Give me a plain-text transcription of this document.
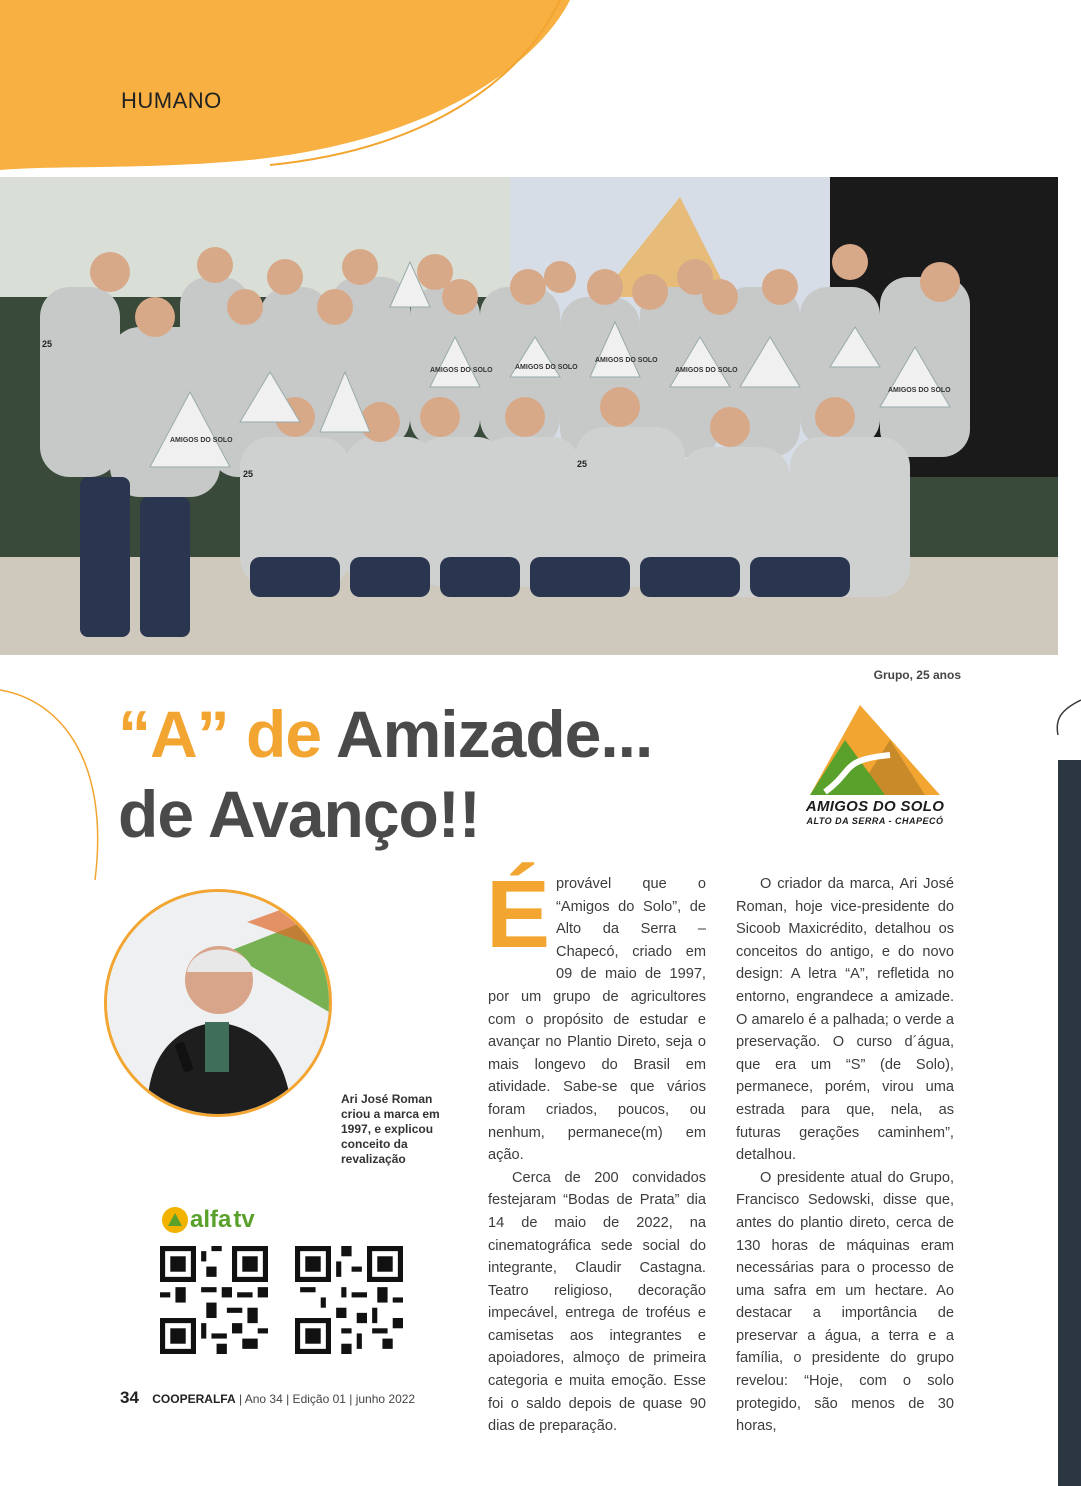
HUMANO
AMIGOS DO SOLO
AMIGOS DO SOLO	AMIGOS DO SOLO
AMIGOS DO SOLO
AMIGOS DO SOLO
AMIGOS DO SOLO
25
25
25
Grupo, 25 anos
“A” de Amizade...
de Avanço!!	AMIGOS DO SOLO
ALTO DA SERRA - CHAPECÓ
Ari José Roman criou a marca em 1997, e explicou conceito da revalização
alfatv

Éprovável que o “Amigos do Solo”, de Alto da Serra – Chapecó, criado em 09 de maio de 1997, por um grupo de agricultores com o propósito de estudar e avançar no Plantio Direto, seja o mais longevo do Brasil em atividade. Sabe-se que vários foram criados, poucos, ou nenhum, permanece(m) em ação.

Cerca de 200 convidados festejaram “Bodas de Prata” dia 14 de maio de 2022, na cinematográfica sede social do integrante, Claudir Castagna. Teatro religioso, decoração impecável, entrega de troféus e camisetas aos integrantes e apoiadores, almoço de primeira categoria e muita emoção. Esse foi o saldo depois de quase 90 dias de preparação.

O criador da marca, Ari José Roman, hoje vice-presidente do Sicoob Maxicrédito, detalhou os conceitos do antigo, e do novo design: A letra “A”, refletida no entorno, engrandece a amizade. O amarelo é a palhada; o verde a preservação. O curso d´água, que era um “S” (de Solo), permanece, porém, virou uma estrada para que, nela, as futuras gerações caminhem”, detalhou.

O presidente atual do Grupo, Francisco Sedowski, disse que, antes do plantio direto, cerca de 130 horas de máquinas eram necessárias para o processo de uma safra em um hectare. Ao destacar a importância de preservar a água, a terra e a família, o presidente do grupo revelou: “Hoje, com o solo protegido, são menos de 30 horas,

34 COOPERALFA | Ano 34 | Edição 01 | junho 2022
